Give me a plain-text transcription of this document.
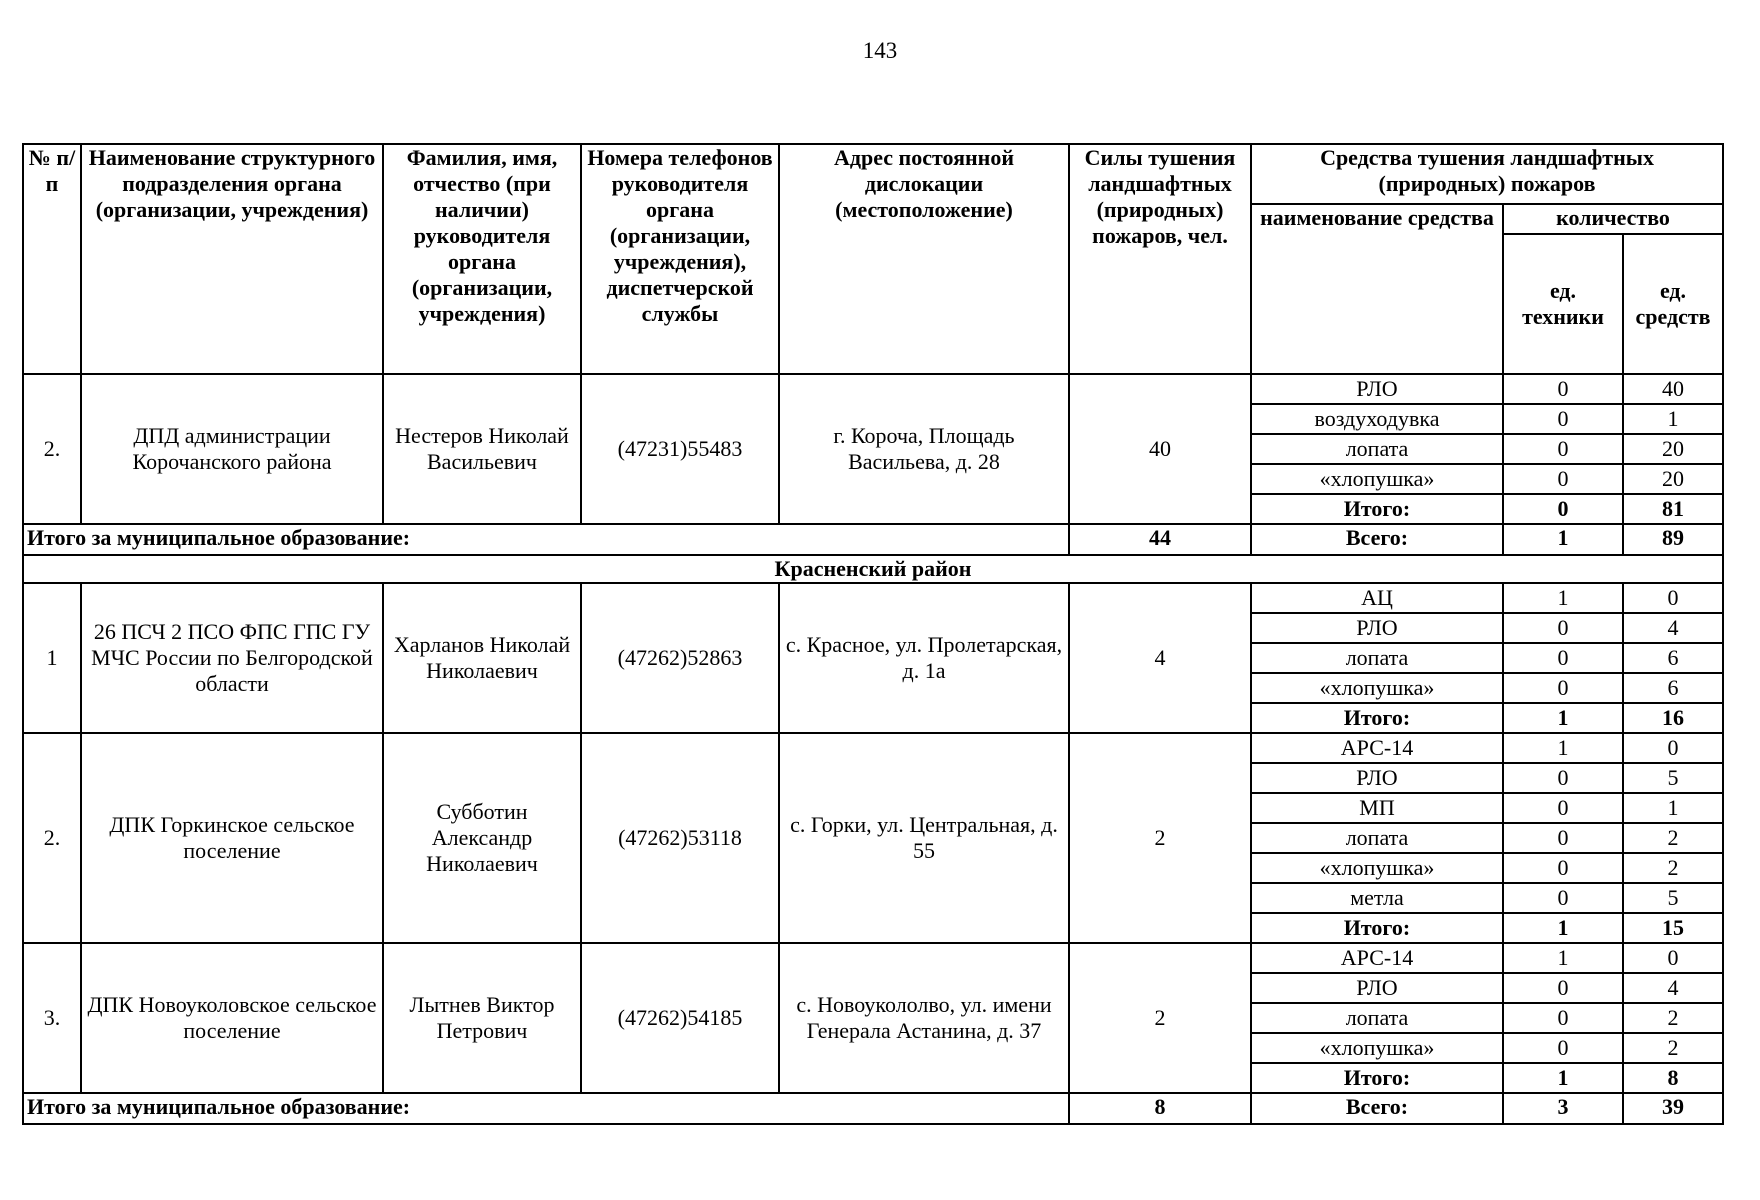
143
№ п/п	Наименование структурного подразделения органа (организации, учреждения)	Фамилия, имя, отчество (при наличии) руководителя органа (организации, учреждения)	Номера телефонов руководителя органа (организации, учреждения), диспетчерской службы	Адрес постоянной дислокации (местоположение)	Силы тушения ландшафтных (природных) пожаров, чел.	Средства тушения ландшафтных (природных) пожаров		
						наименование средства	количество	
							ед. техники	ед. средств
2.	ДПД администрации Корочанского района	Нестеров Николай Васильевич	(47231)55483	г. Короча, Площадь Васильева, д. 28	40	РЛО	0	40
						воздуходувка	0	1
						лопата	0	20
						«хлопушка»	0	20
						Итого:	0	81
Итого за муниципальное образование:					44	Всего:	1	89
Красненский район								
1	26 ПСЧ 2 ПСО ФПС ГПС ГУ МЧС России по Белгородской области	Харланов Николай Николаевич	(47262)52863	с. Красное, ул. Пролетарская, д. 1а	4	АЦ	1	0
						РЛО	0	4
						лопата	0	6
						«хлопушка»	0	6
						Итого:	1	16
2.	ДПК Горкинское сельское поселение	Субботин Александр Николаевич	(47262)53118	с. Горки, ул. Центральная, д. 55	2	АРС-14	1	0
						РЛО	0	5
						МП	0	1
						лопата	0	2
						«хлопушка»	0	2
						метла	0	5
						Итого:	1	15
3.	ДПК Новоуколовское сельское поселение	Лытнев Виктор Петрович	(47262)54185	с. Новоукололво, ул. имени Генерала Астанина, д. 37	2	АРС-14	1	0
						РЛО	0	4
						лопата	0	2
						«хлопушка»	0	2
						Итого:	1	8
Итого за муниципальное образование:					8	Всего:	3	39
